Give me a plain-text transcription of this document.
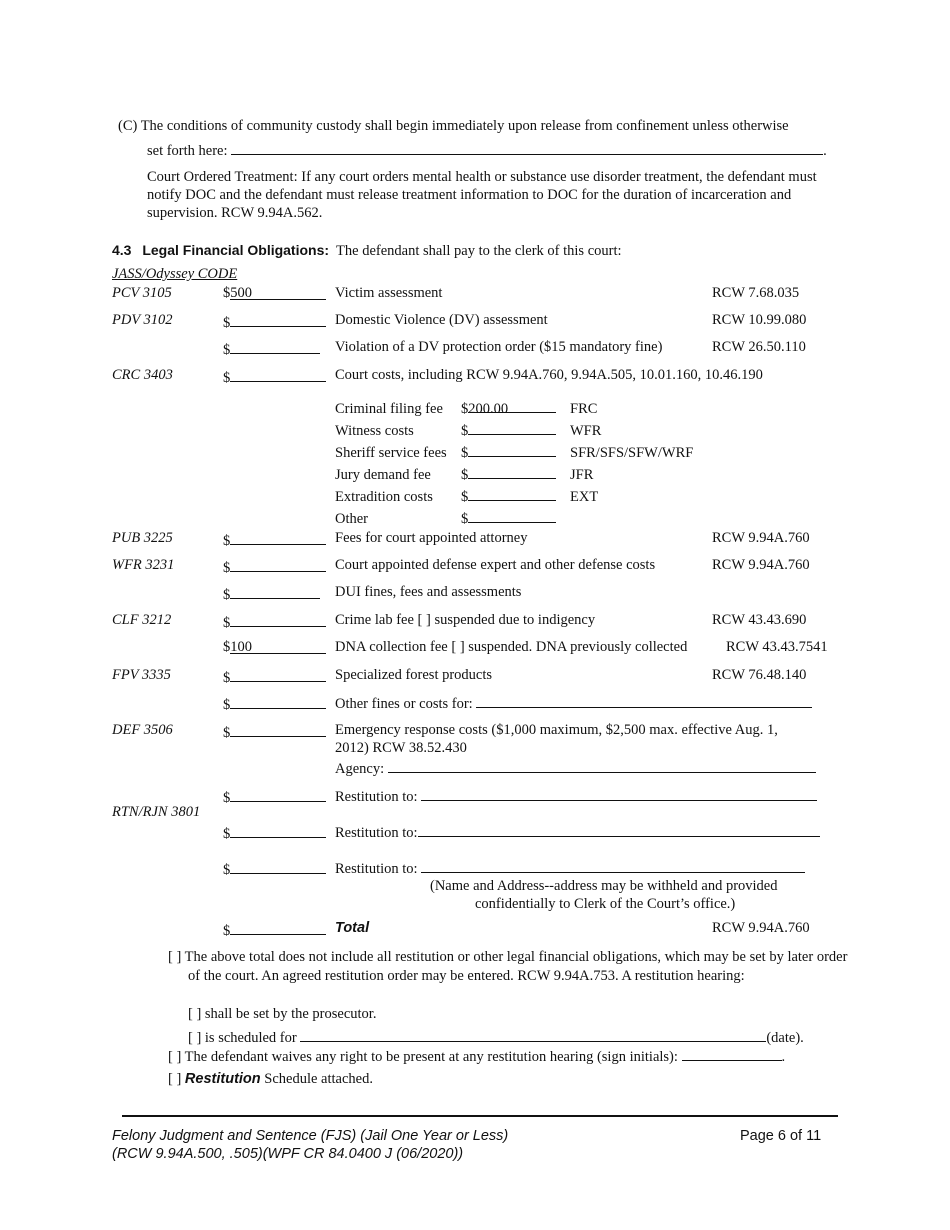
(C) The conditions of community custody shall begin immediately upon release from confinement unless otherwise
set forth here:	.
Court Ordered Treatment: If any court orders mental health or substance use disorder treatment, the defendant must notify DOC and the defendant must release treatment information to DOC for the duration of incarceration and supervision. RCW 9.94A.562.
4.3 Legal Financial Obligations: The defendant shall pay to the clerk of this court:
JASS/Odyssey CODE
PCV 3105	$500	Victim assessment	RCW 7.68.035
PDV 3102	$	Domestic Violence (DV) assessment	RCW 10.99.080
$	Violation of a DV protection order ($15 mandatory fine)	RCW 26.50.110
CRC 3403	$	Court costs, including RCW 9.94A.760, 9.94A.505, 10.01.160, 10.46.190
Criminal filing fee $200.00	FRC
Witness costs	$	WFR
Sheriff service fees $	SFR/SFS/SFW/WRF
Jury demand fee $	JFR
Extradition costs $	EXT
Other	$
PUB 3225	$	Fees for court appointed attorney	RCW 9.94A.760
WFR 3231	$	Court appointed defense expert and other defense costs	RCW 9.94A.760
$	DUI fines, fees and assessments
CLF 3212	$	Crime lab fee [ ] suspended due to indigency	RCW 43.43.690
$100	DNA collection fee [ ] suspended. DNA previously collected	RCW 43.43.7541
FPV 3335	$	Specialized forest products	RCW 76.48.140
$	Other fines or costs for:
DEF 3506	$	Emergency response costs ($1,000 maximum, $2,500 max. effective Aug. 1,
2012) RCW 38.52.430
Agency:
RTN/RJN 3801
$	Restitution to:
$	Restitution to:
$	Restitution to:
(Name and Address--address may be withheld and provided
confidentially to Clerk of the Court’s office.)
$	Total	RCW 9.94A.760
[ ] The above total does not include all restitution or other legal financial obligations, which may be set by later order of the court. An agreed restitution order may be entered. RCW 9.94A.753. A restitution hearing:
[ ] shall be set by the prosecutor.
[ ] is scheduled for	(date).
[ ] The defendant waives any right to be present at any restitution hearing (sign initials):	.
[ ] Restitution Schedule attached.
Felony Judgment and Sentence (FJS) (Jail One Year or Less)
(RCW 9.94A.500, .505)(WPF CR 84.0400 J (06/2020))
Page 6 of 11
